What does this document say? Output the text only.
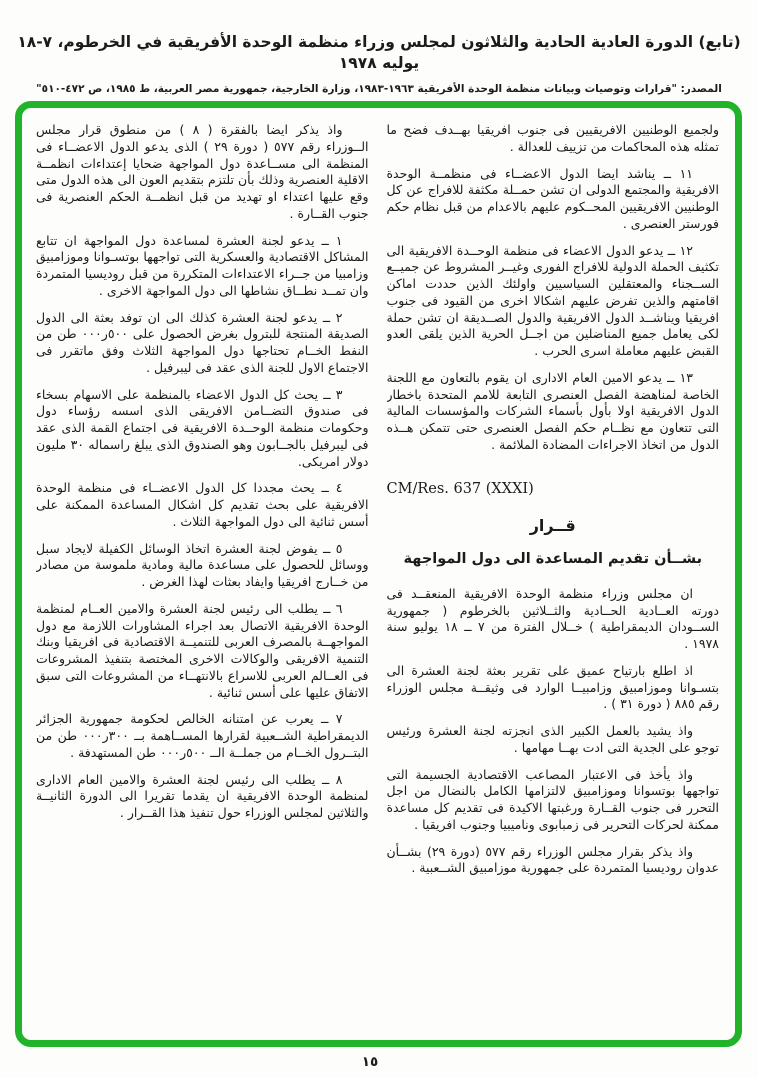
(تابع) الدورة العادية الحادية والثلاثون لمجلس وزراء منظمة الوحدة الأفريقية في الخرطوم، ٧-١٨ يوليه ١٩٧٨
المصدر: "قرارات وتوصيات وبيانات منظمة الوحدة الأفريقية ١٩٦٣-١٩٨٣، وزارة الخارجية، جمهورية مصر العربية، ط ١٩٨٥، ص ٤٧٢-٥١٠"

ولجميع الوطنيين الافريقيين فى جنوب افريقيا بهــدف فضح ما تمثله هذه المحاكمات من تزييف للعدالة .

١١ ــ يناشد ايضا الدول الاعضــاء فى منظمــة الوحدة الافريقية والمجتمع الدولى ان تشن حمــلة مكثفة للافراج عن كل الوطنيين الافريقيين المحــكوم عليهم بالاعدام من قبل نظام حكم فورستر العنصرى .

١٢ ــ يدعو الدول الاعضاء فى منظمة الوحــدة الافريقية الى تكثيف الحملة الدولية للافراج الفورى وغيــر المشروط عن جميــع الســجناء والمعتقلين السياسيين واولئك الذين حددت اماكن اقامتهم والذين تفرض عليهم اشكالا اخرى من القيود فى جنوب افريقيا ويناشــد الدول الافريقية والدول الصــديقة ان تشن حملة لكى يعامل جميع المناضلين من اجــل الحرية الذين يلقى العدو القبض عليهم معاملة اسرى الحرب .

١٣ ــ يدعو الامين العام الادارى ان يقوم بالتعاون مع اللجنة الخاصة لمناهضة الفصل العنصرى التابعة للامم المتحدة باخطار الدول الافريقية اولا بأول بأسماء الشركات والمؤسسات المالية التى تتعاون مع نظــام حكم الفصل العنصرى حتى تتمكن هــذه الدول من اتخاذ الاجراءات المضادة الملائمة .

CM/Res. 637 (XXXI)
قــرار
بشــأن تقديم المساعدة الى دول المواجهة

ان مجلس وزراء منظمة الوحدة الافريقية المنعقــد فى دورته العــادية الحــادية والثــلاثين بالخرطوم ( جمهورية الســودان الديمقراطية ) خــلال الفترة من ٧ ــ ١٨ يوليو سنة ١٩٧٨ .

اذ اطلع بارتياح عميق على تقرير بعثة لجنة العشرة الى بتسـوانا وموزامبيق وزامبيــا الوارد فى وثيقــة مجلس الوزراء رقم ٨٨٥ ( دورة ٣١ ) .

واذ يشيد بالعمل الكبير الذى انجزته لجنة العشرة ورئيس توجو على الجدية التى ادت بهــا مهامها .

واذ يأخذ فى الاعتبار المصاعب الاقتصادية الجسيمة التى تواجهها بوتسوانا وموزامبيق لالتزامها الكامل بالنضال من اجل التحرر فى جنوب القــارة ورغبتها الاكيدة فى تقديم كل مساعدة ممكنة لحركات التحرير فى زمبابوى وناميبيا وجنوب افريقيا .

واذ يذكر بقرار مجلس الوزراء رقم ٥٧٧ (دورة ٢٩) بشــأن عدوان روديسيا المتمردة على جمهورية موزامبيق الشــعبية .

واذ يذكر ايضا بالفقرة ( ٨ ) من منطوق قرار مجلس الــوزراء رقم ٥٧٧ ( دورة ٢٩ ) الذى يدعو الدول الاعضــاء فى المنظمة الى مســاعدة دول المواجهة ضحايا إعتداءات انظمــة الاقلية العنصرية وذلك بأن تلتزم بتقديم العون الى هذه الدول متى وقع عليها اعتداء او تهديد من قبل انظمــة الحكم العنصرية فى جنوب القــارة .

١ ــ يدعو لجنة العشرة لمساعدة دول المواجهة ان تتابع المشاكل الاقتصادية والعسكرية التى تواجهها بوتسـوانا وموزامبيق وزامبيا من جــراء الاعتداءات المتكررة من قبل روديسيا المتمردة وان تمــد نطــاق نشاطها الى دول المواجهة الاخرى .

٢ ــ يدعو لجنة العشرة كذلك الى ان توفد بعثة الى الدول الصديقة المنتجة للبترول بغرض الحصول على ٥٠٠ر٠٠٠ طن من النفط الخــام تحتاجها دول المواجهة الثلاث وفق ماتقرر فى الاجتماع الاول للجنة الذى عقد فى ليبرفيل .

٣ ــ يحث كل الدول الاعضاء بالمنظمة على الاسهام بسخاء فى صندوق التضــامن الافريقى الذى اسسه رؤساء دول وحكومات منظمة الوحــدة الافريقية فى اجتماع القمة الذى عقد فى ليبرفيل بالجــابون وهو الصندوق الذى يبلغ راسماله ٣٠ مليون دولار امريكى.

٤ ــ يحث مجددا كل الدول الاعضــاء فى منظمة الوحدة الافريقية على بحث تقديم كل اشكال المساعدة الممكنة على أسس ثنائية الى دول المواجهة الثلاث .

٥ ــ يفوض لجنة العشرة اتخاذ الوسائل الكفيلة لايجاد سبل ووسائل للحصول على مساعدة مالية ومادية ملموسة من مصادر من خــارج افريقيا وايفاد بعثات لهذا الغرض .

٦ ــ يطلب الى رئيس لجنة العشرة والامين العــام لمنظمة الوحدة الافريقية الاتصال بعد اجراء المشاورات اللازمة مع دول المواجهــة بالمصرف العربى للتنميــة الاقتصادية فى افريقيا وبنك التنمية الافريقى والوكالات الاخرى المختصة بتنفيذ المشروعات فى العــالم العربى للاسراع بالانتهــاء من المشروعات التى سبق الاتفاق عليها على أسس ثنائية .

٧ ــ يعرب عن امتنانه الخالص لحكومة جمهورية الجزائر الديمقراطية الشــعبية لقرارها المســاهمة بــ ٣٠٠ر٠٠٠ طن من البتــرول الخــام من جملــة الــ ٥٠٠ر٠٠٠ طن المستهدفة .

٨ ــ يطلب الى رئيس لجنة العشرة والامين العام الادارى لمنظمة الوحدة الافريقية ان يقدما تقريرا الى الدورة الثانيــة والثلاثين لمجلس الوزراء حول تنفيذ هذا القــرار .

١٥
